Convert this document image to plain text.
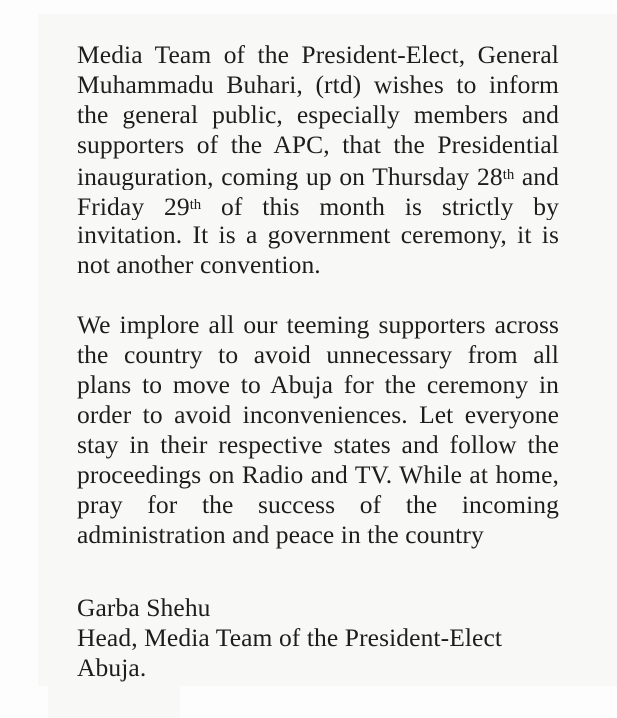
Media Team of the President-Elect, General
Muhammadu Buhari, (rtd) wishes to inform
the general public, especially members and
supporters of the APC, that the Presidential
inauguration, coming up on Thursday 28th and
Friday 29th of this month is strictly by
invitation. It is a government ceremony, it is
not another convention.
We implore all our teeming supporters across
the country to avoid unnecessary from all
plans to move to Abuja for the ceremony in
order to avoid inconveniences. Let everyone
stay in their respective states and follow the
proceedings on Radio and TV. While at home,
pray for the success of the incoming
administration and peace in the country
Garba Shehu
Head, Media Team of the President-Elect
Abuja.
